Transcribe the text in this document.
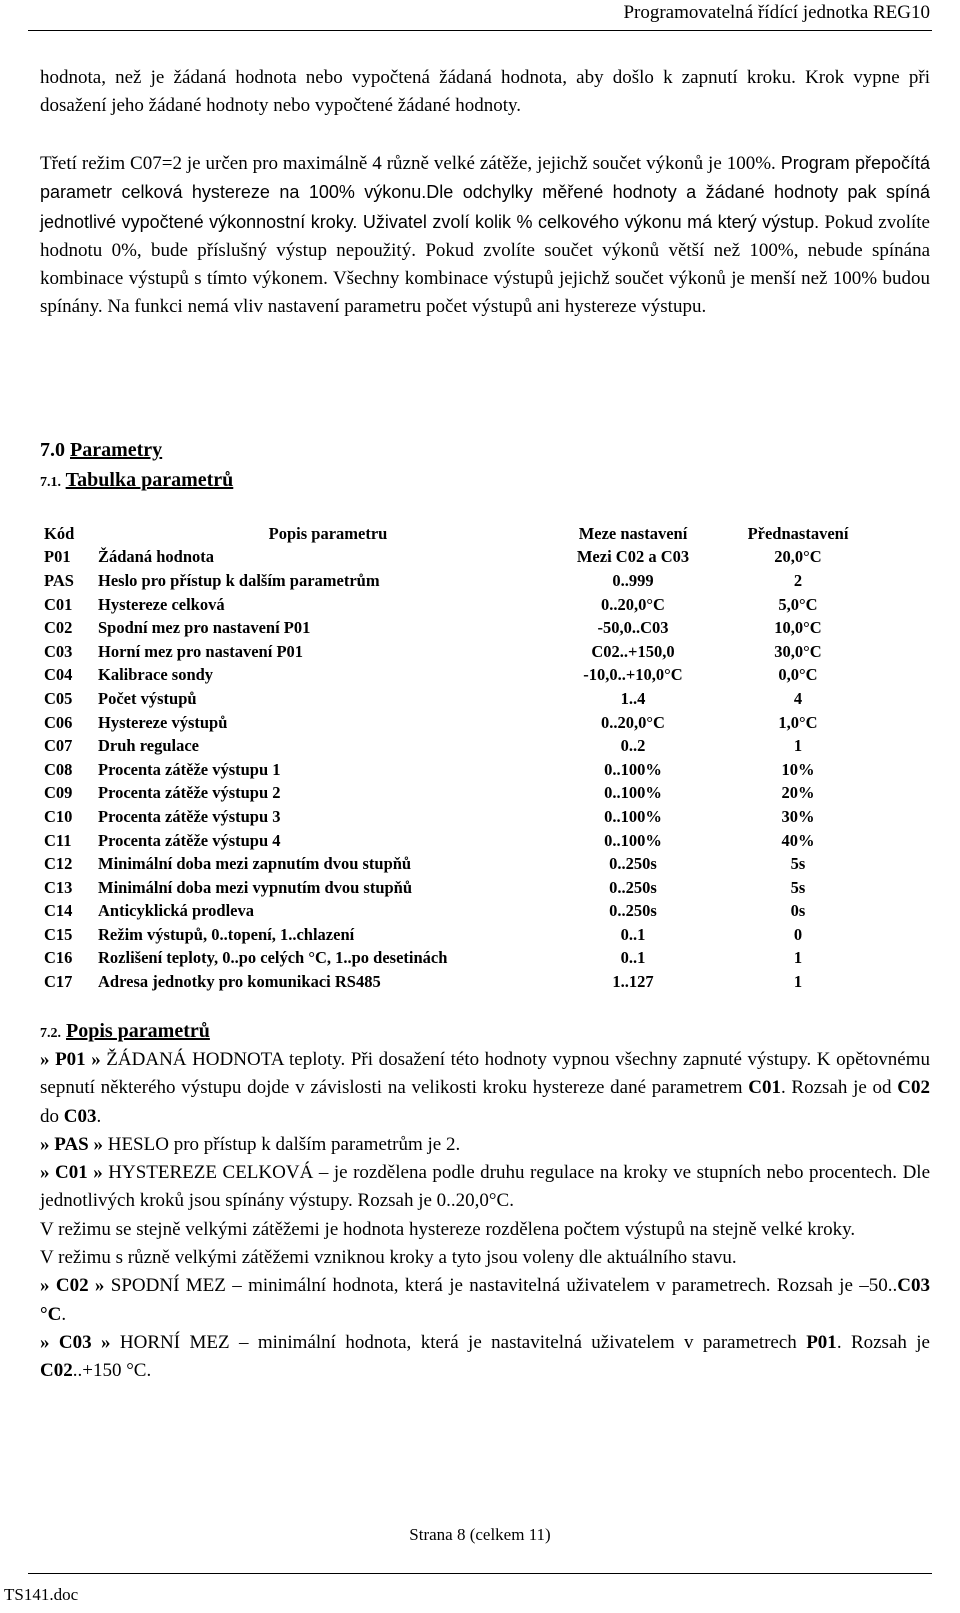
Programovatelná řídící jednotka REG10

hodnota, než je žádaná hodnota nebo vypočtená žádaná hodnota, aby došlo k zapnutí kroku. Krok vypne při dosažení jeho žádané hodnoty nebo vypočtené žádané hodnoty.

Třetí režim C07=2 je určen pro maximálně 4 různě velké zátěže, jejichž součet výkonů je 100%. Program přepočítá parametr celková hystereze na 100% výkonu.Dle odchylky měřené hodnoty a žádané hodnoty pak spíná jednotlivé vypočtené výkonnostní kroky. Uživatel zvolí kolik % celkového výkonu má který výstup. Pokud zvolíte hodnotu 0%, bude příslušný výstup nepoužitý. Pokud zvolíte součet výkonů větší než 100%, nebude spínána kombinace výstupů s tímto výkonem. Všechny kombinace výstupů jejichž součet výkonů je menší než 100% budou spínány. Na funkci nemá vliv nastavení parametru počet výstupů ani hystereze výstupu.

7.0 Parametry
7.1. Tabulka parametrů
Kód	Popis parametru	Meze nastavení	Přednastavení
P01	Žádaná hodnota	Mezi C02 a C03	20,0°C
PAS	Heslo pro přístup k dalším parametrům	0..999	2
C01	Hystereze celková	0..20,0°C	5,0°C
C02	Spodní mez pro nastavení P01	-50,0..C03	10,0°C
C03	Horní mez pro nastavení P01	C02..+150,0	30,0°C
C04	Kalibrace sondy	-10,0..+10,0°C	0,0°C
C05	Počet výstupů	1..4	4
C06	Hystereze výstupů	0..20,0°C	1,0°C
C07	Druh regulace	0..2	1
C08	Procenta zátěže výstupu 1	0..100%	10%
C09	Procenta zátěže výstupu 2	0..100%	20%
C10	Procenta zátěže výstupu 3	0..100%	30%
C11	Procenta zátěže výstupu 4	0..100%	40%
C12	Minimální doba mezi zapnutím dvou stupňů	0..250s	5s
C13	Minimální doba mezi vypnutím dvou stupňů	0..250s	5s
C14	Anticyklická prodleva	0..250s	0s
C15	Režim výstupů, 0..topení, 1..chlazení	0..1	0
C16	Rozlišení teploty, 0..po celých °C, 1..po desetinách	0..1	1
C17	Adresa jednotky pro komunikaci RS485	1..127	1
7.2. Popis parametrů

» P01 » ŽÁDANÁ HODNOTA teploty. Při dosažení této hodnoty vypnou všechny zapnuté výstupy. K opětovnému sepnutí některého výstupu dojde v závislosti na velikosti kroku hystereze dané parametrem C01. Rozsah je od C02 do C03.

» PAS » HESLO pro přístup k dalším parametrům je 2.

» C01 » HYSTEREZE CELKOVÁ – je rozdělena podle druhu regulace na kroky ve stupních nebo procentech. Dle jednotlivých kroků jsou spínány výstupy. Rozsah je 0..20,0°C.

V režimu se stejně velkými zátěžemi je hodnota hystereze rozdělena počtem výstupů na stejně velké kroky.

V režimu s různě velkými zátěžemi vzniknou kroky a tyto jsou voleny dle aktuálního stavu.

» C02 » SPODNÍ MEZ – minimální hodnota, která je nastavitelná uživatelem v parametrech. Rozsah je –50..C03 °C.

» C03 » HORNÍ MEZ – minimální hodnota, která je nastavitelná uživatelem v parametrech P01. Rozsah je C02..+150 °C.

Strana 8 (celkem 11)
TS141.doc
